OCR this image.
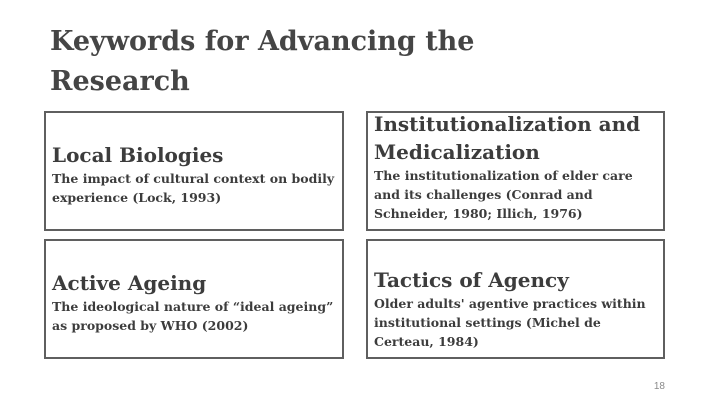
Keywords for Advancing the Research

Local Biologies

The impact of cultural context on bodily experience (Lock, 1993)

Institutionalization and Medicalization

The institutionalization of elder care and its challenges (Conrad and Schneider, 1980; Illich, 1976)

Active Ageing

The ideological nature of “ideal ageing” as proposed by WHO (2002)

Tactics of Agency

Older adults' agentive practices within institutional settings (Michel de Certeau, 1984)

18
